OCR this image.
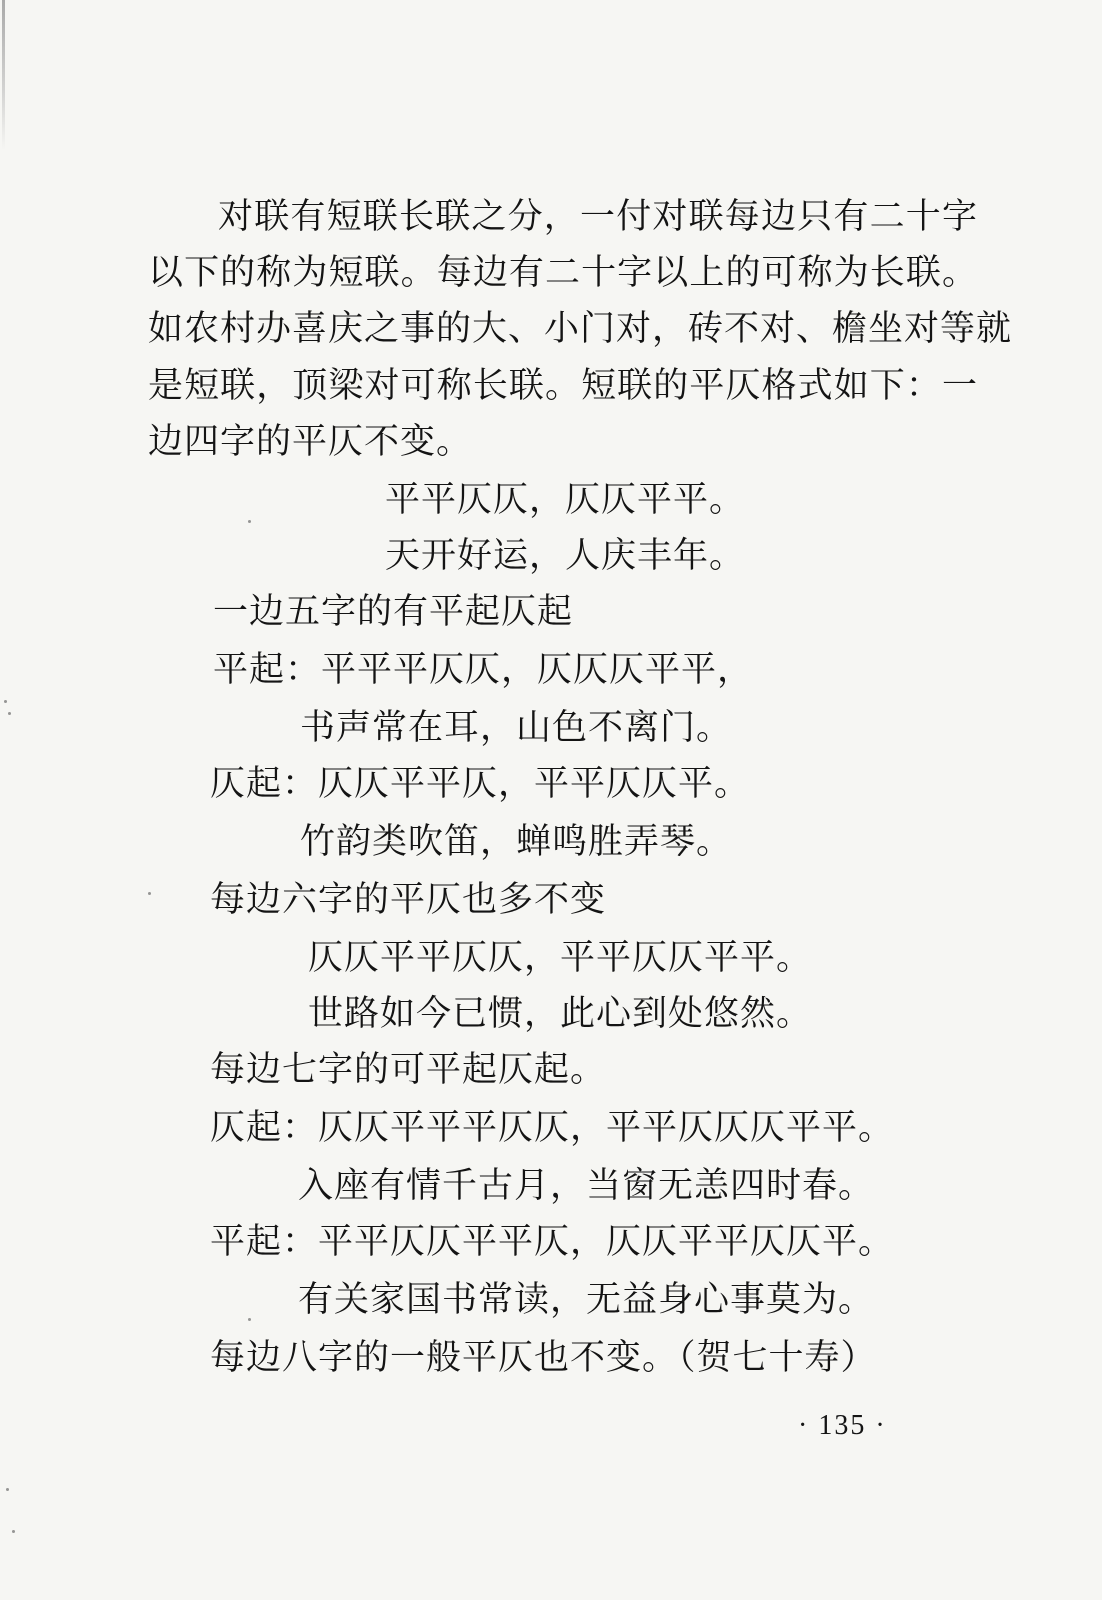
对联有短联长联之分，一付对联每边只有二十字
以下的称为短联。每边有二十字以上的可称为长联。
如农村办喜庆之事的大、小门对，砖不对、檐坐对等就
是短联，顶梁对可称长联。短联的平仄格式如下：一
边四字的平仄不变。
平平仄仄，仄仄平平。
天开好运，人庆丰年。
一边五字的有平起仄起
平起：平平平仄仄，仄仄仄平平，
书声常在耳，山色不离门。
仄起：仄仄平平仄，平平仄仄平。
竹韵类吹笛，蝉鸣胜弄琴。
每边六字的平仄也多不变
仄仄平平仄仄，平平仄仄平平。
世路如今已惯，此心到处悠然。
每边七字的可平起仄起。
仄起：仄仄平平平仄仄，平平仄仄仄平平。
入座有情千古月，当窗无恙四时春。
平起：平平仄仄平平仄，仄仄平平仄仄平。
有关家国书常读，无益身心事莫为。
每边八字的一般平仄也不变。（贺七十寿）
· 135 ·
